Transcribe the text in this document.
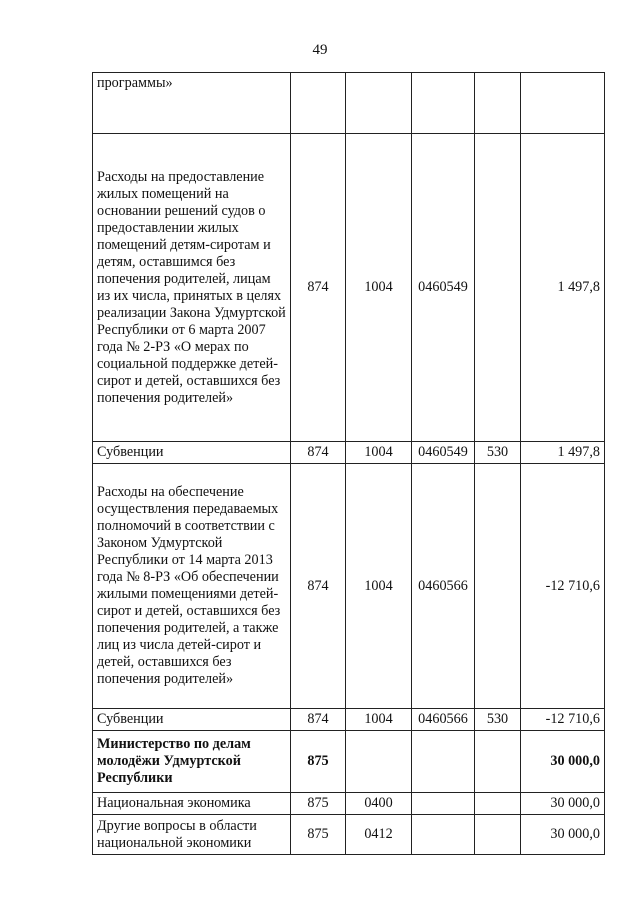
49
программы»					
Расходы на предоставление жилых помещений на основании решений судов о предоставлении жилых помещений детям-сиротам и детям, оставшимся без попечения родителей, лицам из их числа, принятых в целях реализации Закона Удмуртской Республики от 6 марта 2007 года № 2-РЗ «О мерах по социальной поддержке детей-сирот и детей, оставшихся без попечения родителей»	874	1004	0460549		1 497,8
Субвенции	874	1004	0460549	530	1 497,8
Расходы на обеспечение осуществления передаваемых полномочий в соответствии с Законом Удмуртской Республики от 14 марта 2013 года № 8-РЗ «Об обеспечении жилыми помещениями детей-сирот и детей, оставшихся без попечения родителей, а также лиц из числа детей-сирот и детей, оставшихся без попечения родителей»	874	1004	0460566		-12 710,6
Субвенции	874	1004	0460566	530	-12 710,6
Министерство по делам молодёжи Удмуртской Республики	875				30 000,0
Национальная экономика	875	0400			30 000,0
Другие вопросы в области национальной экономики	875	0412			30 000,0
